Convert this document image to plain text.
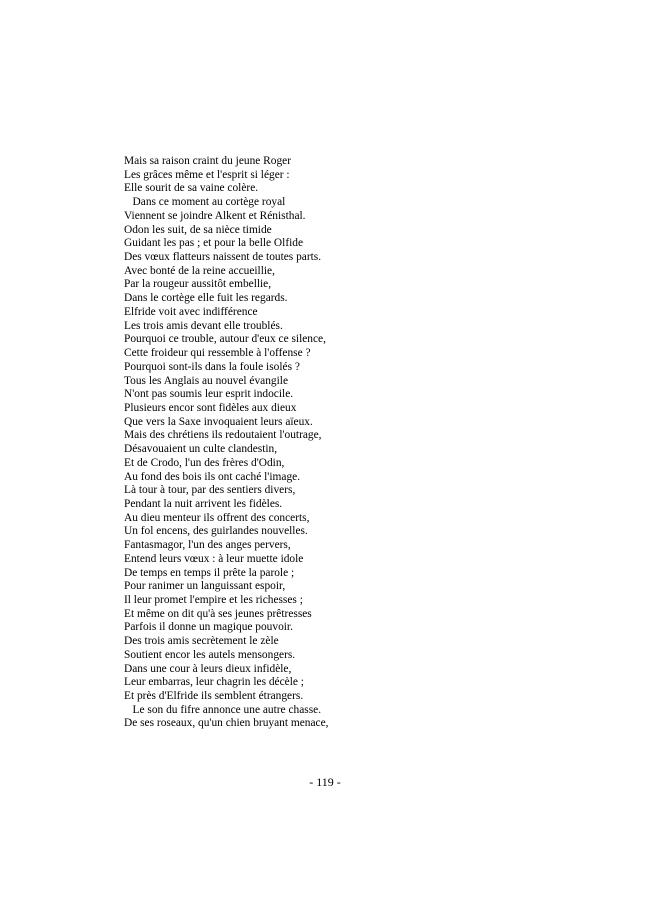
Mais sa raison craint du jeune Roger
Les grâces même et l'esprit si léger :
Elle sourit de sa vaine colère.
Dans ce moment au cortège royal
Viennent se joindre Alkent et Rénisthal.
Odon les suit, de sa nièce timide
Guidant les pas ; et pour la belle Olfide
Des vœux flatteurs naissent de toutes parts.
Avec bonté de la reine accueillie,
Par la rougeur aussitôt embellie,
Dans le cortège elle fuit les regards.
Elfride voit avec indifférence
Les trois amis devant elle troublés.
Pourquoi ce trouble, autour d'eux ce silence,
Cette froideur qui ressemble à l'offense ?
Pourquoi sont-ils dans la foule isolés ?
Tous les Anglais au nouvel évangile
N'ont pas soumis leur esprit indocile.
Plusieurs encor sont fidèles aux dieux
Que vers la Saxe invoquaient leurs aïeux.
Mais des chrétiens ils redoutaient l'outrage,
Désavouaient un culte clandestin,
Et de Crodo, l'un des frères d'Odin,
Au fond des bois ils ont caché l'image.
Là tour à tour, par des sentiers divers,
Pendant la nuit arrivent les fidèles.
Au dieu menteur ils offrent des concerts,
Un fol encens, des guirlandes nouvelles.
Fantasmagor, l'un des anges pervers,
Entend leurs vœux : à leur muette idole
De temps en temps il prête la parole ;
Pour ranimer un languissant espoir,
Il leur promet l'empire et les richesses ;
Et même on dit qu'à ses jeunes prêtresses
Parfois il donne un magique pouvoir.
Des trois amis secrètement le zèle
Soutient encor les autels mensongers.
Dans une cour à leurs dieux infidèle,
Leur embarras, leur chagrin les décèle ;
Et près d'Elfride ils semblent étrangers.
Le son du fifre annonce une autre chasse.
De ses roseaux, qu'un chien bruyant menace,
- 119 -
